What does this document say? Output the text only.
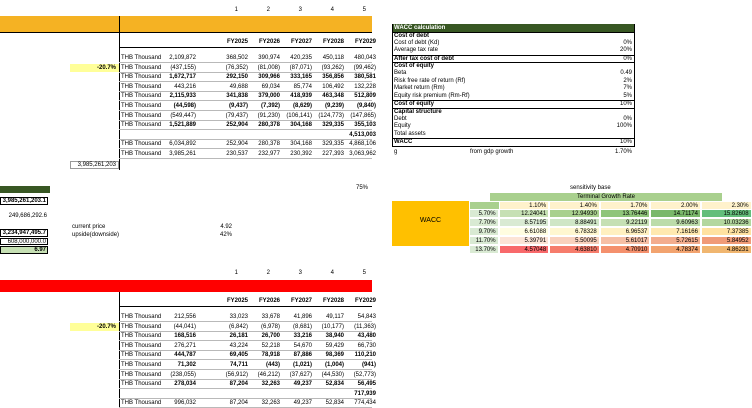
1	2	3	4	5
FY2025	FY2026	FY2027	FY2028	FY2029
THB Thousand	2,109,872	368,502	390,974	420,235	450,118	480,043
THB Thousand	(437,155)	(76,352)	(81,008)	(87,071)	(93,262)	(99,462)
-20.7%
THB Thousand	1,672,717	292,150	309,966	333,165	356,856	380,581
THB Thousand	443,216	49,688	69,034	85,774	106,492	132,228
THB Thousand	2,115,933	341,838	379,000	418,939	463,348	512,809
THB Thousand	(44,598)	(9,437)	(7,392)	(8,629)	(9,239)	(9,840)
THB Thousand	(549,447)	(79,437)	(91,230)	(106,141)	(124,773)	(147,865)
THB Thousand	1,521,889	252,904	280,378	304,168	329,335	355,103
4,513,003
THB Thousand	6,034,892	252,904	280,378	304,168	329,335 4,868,106
THB Thousand	3,985,261	230,537	232,977	230,392	227,393 3,063,962
3,985,261,203
3,985,261,203.1
249,686,292.6
3,234,947,495.7
608,000,000.0
6.97
current price	4.92
upside(downside)	42%
75%
WACC calculation
Cost of debt
Cost of debt (Kd)	0%
Average tax rate	20%
After tax cost of debt	0%
Cost of equity
Beta	0.49
Risk free rate of return (Rf)	2%
Market return (Rm)	7%
Equity risk premium (Rm-Rf)	5%
Cost of equity	10%
Capital structure
Debt	0%
Equity	100%
Total assets
WACC	10%
g	from gdp growth	1.70%
sensitivity base
Terminal Growth Rate
WACC
1.10%	1.40%	1.70%	2.00%	2.30%
5.70%	12.24041	12.94930	13.76446	14.71174	15.82608
7.70%	8.57195	8.88491	9.22119	9.60963	10.03236
9.70%	6.61088	6.78328	6.96537	7.16166	7.37385
11.70%	5.39791	5.50095	5.61017	5.72615	5.84952
13.70%	4.57048	4.63810	4.70910	4.78374	4.86231
1	2	3	4	5
FY2025	FY2026	FY2027	FY2028	FY2029
THB Thousand	212,556	33,023	33,678	41,896	49,117	54,843
THB Thousand	(44,041)	(6,842)	(6,978)	(8,681)	(10,177)	(11,363)
-20.7%
THB Thousand	168,516	26,181	26,700	33,216	38,940	43,480
THB Thousand	276,271	43,224	52,218	54,670	59,429	66,730
THB Thousand	444,787	69,405	78,918	87,886	98,369	110,210
THB Thousand	71,302	74,711	(443)	(1,021)	(1,004)	(941)
THB Thousand	(238,055)	(56,912)	(46,212)	(37,627)	(44,530)	(52,773)
THB Thousand	278,034	87,204	32,263	49,237	52,834	56,495
717,939
THB Thousand	996,032	87,204	32,263	49,237	52,834	774,434
